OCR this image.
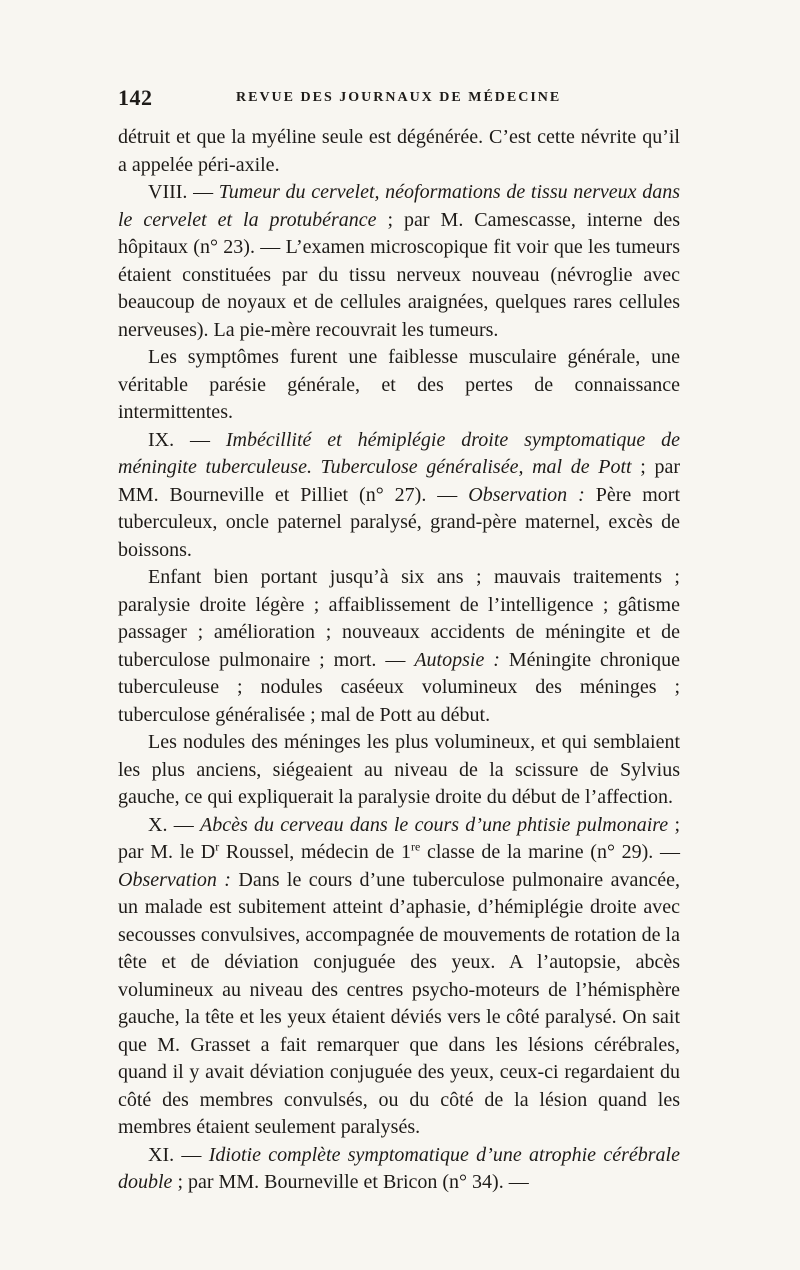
142	REVUE DES JOURNAUX DE MÉDECINE

détruit et que la myéline seule est dégénérée. C’est cette névrite qu’il a appelée péri-axile.

VIII. — Tumeur du cervelet, néoformations de tissu nerveux dans le cervelet et la protubérance ; par M. Camescasse, interne des hôpitaux (n° 23). — L’examen microscopique fit voir que les tumeurs étaient constituées par du tissu nerveux nouveau (névroglie avec beaucoup de noyaux et de cellules araignées, quelques rares cellules nerveuses). La pie-mère recouvrait les tumeurs.

Les symptômes furent une faiblesse musculaire générale, une véritable parésie générale, et des pertes de connaissance intermittentes.

IX. — Imbécillité et hémiplégie droite symptomatique de méningite tuberculeuse. Tuberculose généralisée, mal de Pott ; par MM. Bourneville et Pilliet (n° 27). — Observation : Père mort tuberculeux, oncle paternel paralysé, grand-père maternel, excès de boissons.

Enfant bien portant jusqu’à six ans ; mauvais traitements ; paralysie droite légère ; affaiblissement de l’intelligence ; gâtisme passager ; amélioration ; nouveaux accidents de méningite et de tuberculose pulmonaire ; mort. — Autopsie : Méningite chronique tuberculeuse ; nodules caséeux volumineux des méninges ; tuberculose généralisée ; mal de Pott au début.

Les nodules des méninges les plus volumineux, et qui semblaient les plus anciens, siégeaient au niveau de la scissure de Sylvius gauche, ce qui expliquerait la paralysie droite du début de l’affection.

X. — Abcès du cerveau dans le cours d’une phtisie pulmonaire ; par M. le $D^r$ Roussel, médecin de 1re classe de la marine (n° 29). — Observation : Dans le cours d’une tuberculose pulmonaire avancée, un malade est subitement atteint d’aphasie, d’hémiplégie droite avec secousses convulsives, accompagnée de mouvements de rotation de la tête et de déviation conjuguée des yeux. A l’autopsie, abcès volumineux au niveau des centres psycho-moteurs de l’hémisphère gauche, la tête et les yeux étaient déviés vers le côté paralysé. On sait que M. Grasset a fait remarquer que dans les lésions cérébrales, quand il y avait déviation conjuguée des yeux, ceux-ci regardaient du côté des membres convulsés, ou du côté de la lésion quand les membres étaient seulement paralysés.

XI. — Idiotie complète symptomatique d’une atrophie cérébrale double ; par MM. Bourneville et Bricon (n° 34). —
